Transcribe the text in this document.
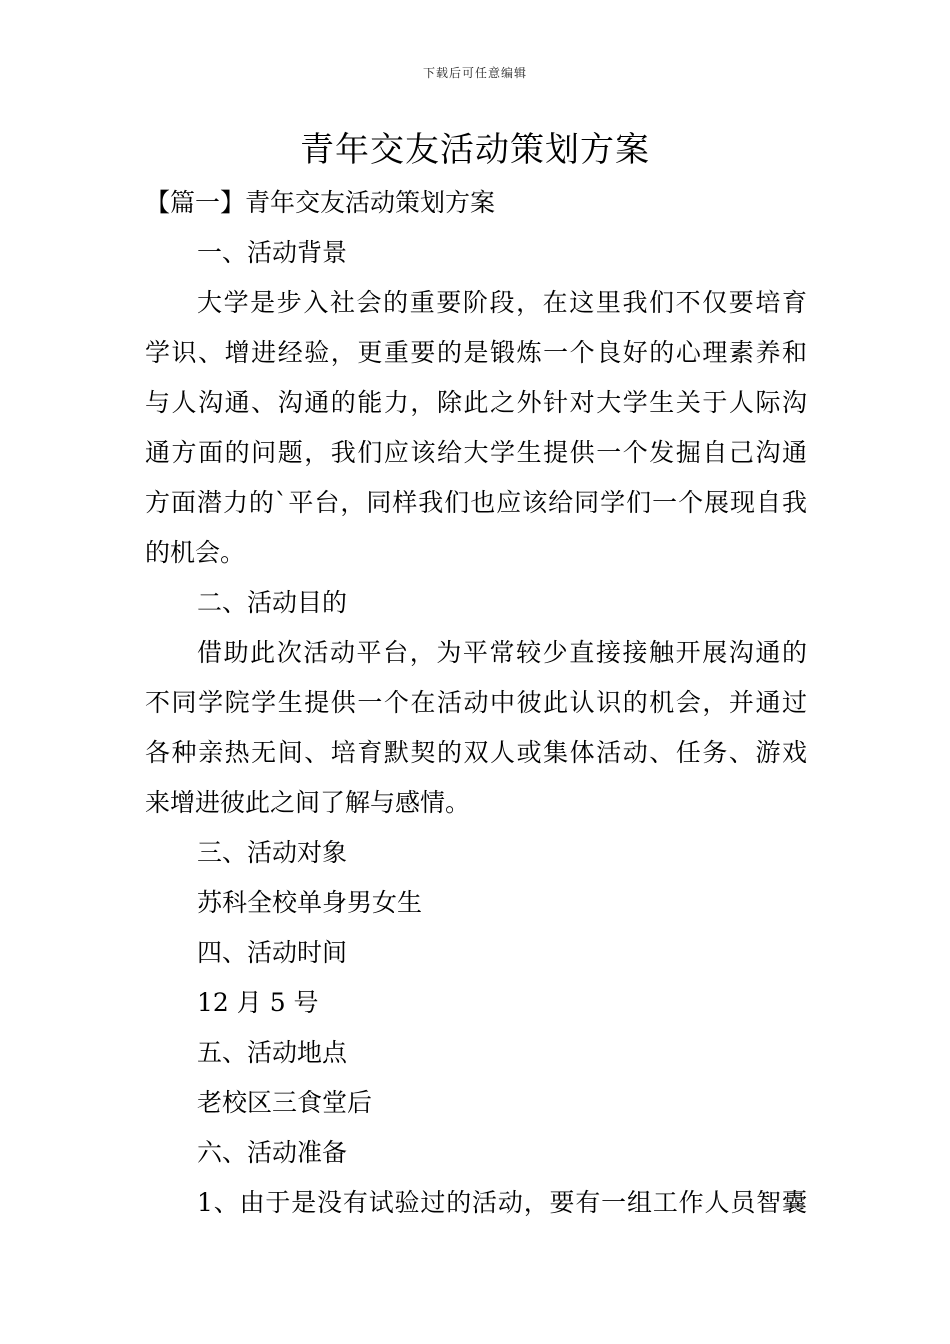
下载后可任意编辑
青年交友活动策划方案
【篇一】青年交友活动策划方案
一、活动背景
大学是步入社会的重要阶段，在这里我们不仅要培育
学识、增进经验，更重要的是锻炼一个良好的心理素养和
与人沟通、沟通的能力，除此之外针对大学生关于人际沟
通方面的问题，我们应该给大学生提供一个发掘自己沟通
方面潜力的`平台，同样我们也应该给同学们一个展现自我
的机会。
二、活动目的
借助此次活动平台，为平常较少直接接触开展沟通的
不同学院学生提供一个在活动中彼此认识的机会，并通过
各种亲热无间、培育默契的双人或集体活动、任务、游戏
来增进彼此之间了解与感情。
三、活动对象
苏科全校单身男女生
四、活动时间
12 月 5 号
五、活动地点
老校区三食堂后
六、活动准备
1、由于是没有试验过的活动，要有一组工作人员智囊
